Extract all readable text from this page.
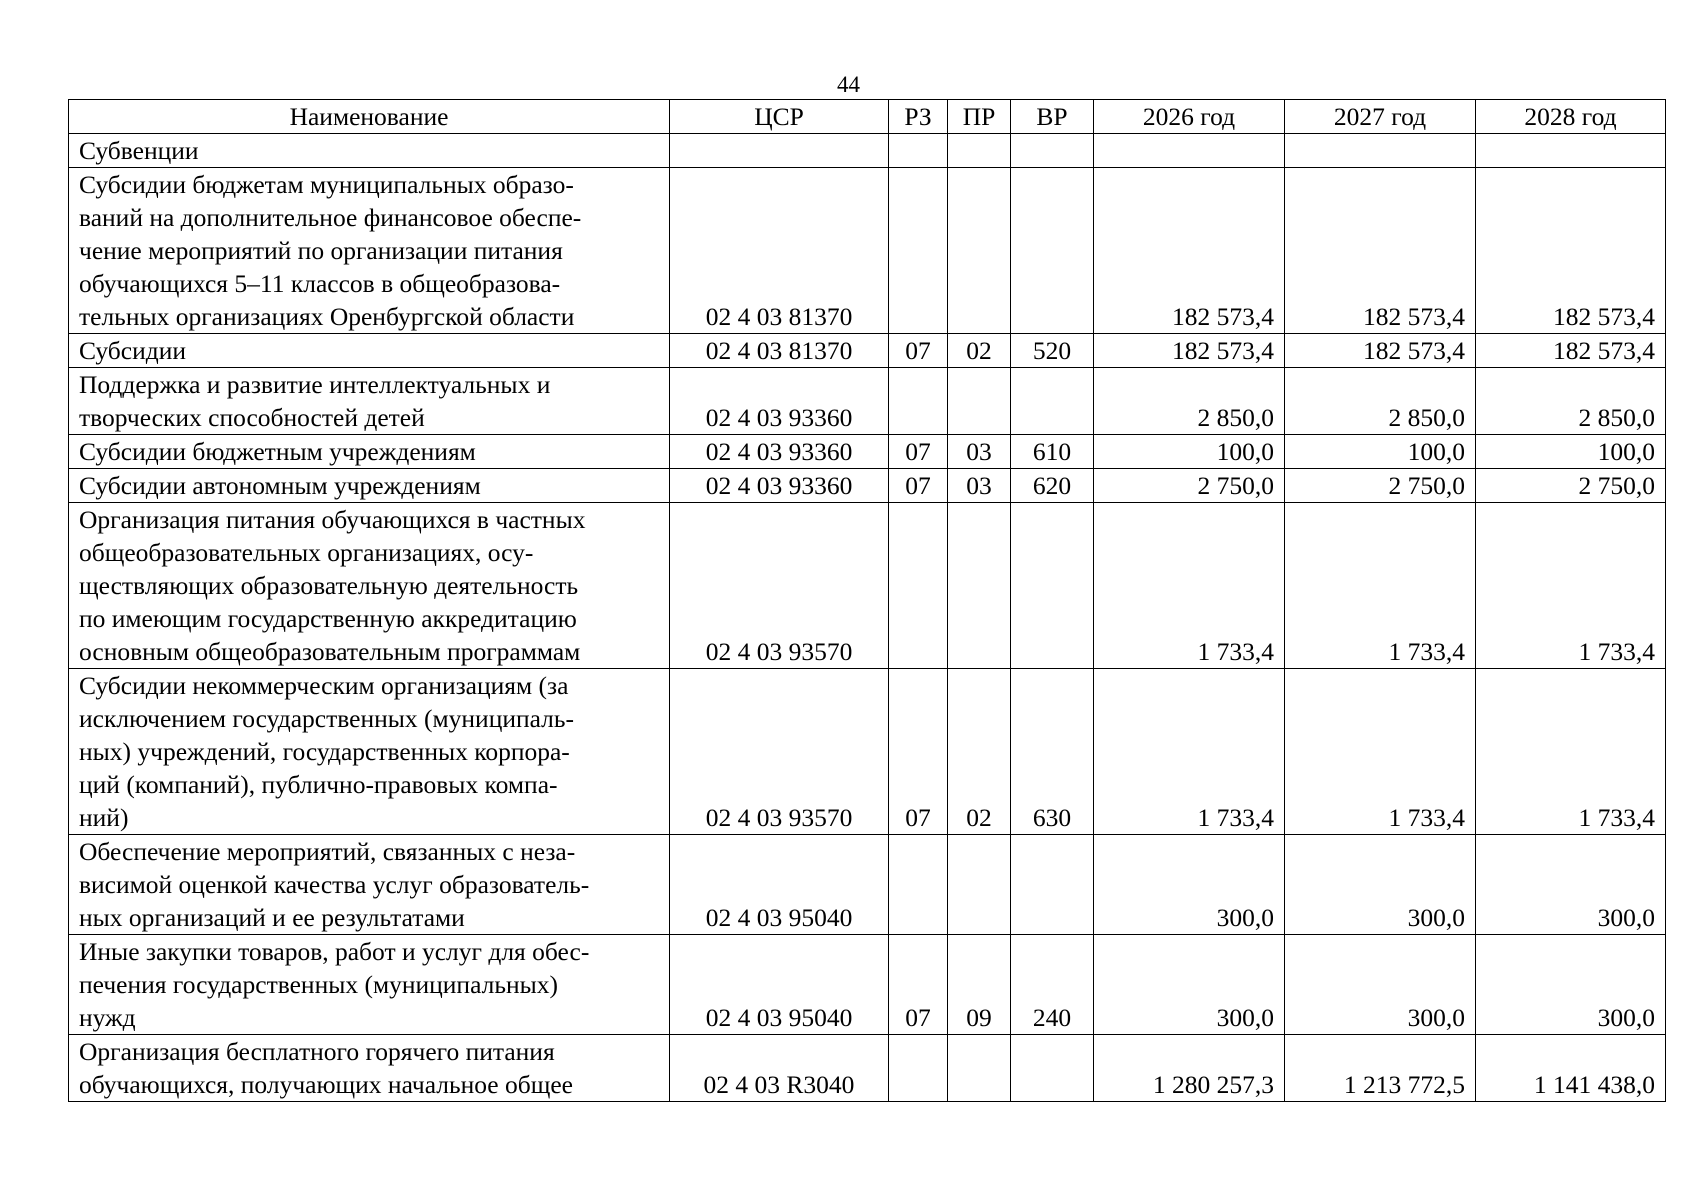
44
Наименование	ЦСР	РЗ	ПР	ВР	2026 год	2027 год	2028 год

Субвенции							

Субсидии бюджетам муниципальных образо-
ваний на дополнительное финансовое обеспе-
чение мероприятий по организации питания
обучающихся 5–11 классов в общеобразова-
тельных организациях Оренбургской области	02 4 03 81370				182 573,4	182 573,4	182 573,4

Субсидии	02 4 03 81370	07	02	520	182 573,4	182 573,4	182 573,4

Поддержка и развитие интеллектуальных и
творческих способностей детей	02 4 03 93360				2 850,0	2 850,0	2 850,0

Субсидии бюджетным учреждениям	02 4 03 93360	07	03	610	100,0	100,0	100,0

Субсидии автономным учреждениям	02 4 03 93360	07	03	620	2 750,0	2 750,0	2 750,0

Организация питания обучающихся в частных
общеобразовательных организациях, осу-
ществляющих образовательную деятельность
по имеющим государственную аккредитацию
основным общеобразовательным программам	02 4 03 93570				1 733,4	1 733,4	1 733,4

Субсидии некоммерческим организациям (за
исключением государственных (муниципаль-
ных) учреждений, государственных корпора-
ций (компаний), публично-правовых компа-
ний)	02 4 03 93570	07	02	630	1 733,4	1 733,4	1 733,4

Обеспечение мероприятий, связанных с неза-
висимой оценкой качества услуг образователь-
ных организаций и ее результатами	02 4 03 95040				300,0	300,0	300,0

Иные закупки товаров, работ и услуг для обес-
печения государственных (муниципальных)
нужд	02 4 03 95040	07	09	240	300,0	300,0	300,0

Организация бесплатного горячего питания
обучающихся, получающих начальное общее	02 4 03 R3040				1 280 257,3	1 213 772,5	1 141 438,0
